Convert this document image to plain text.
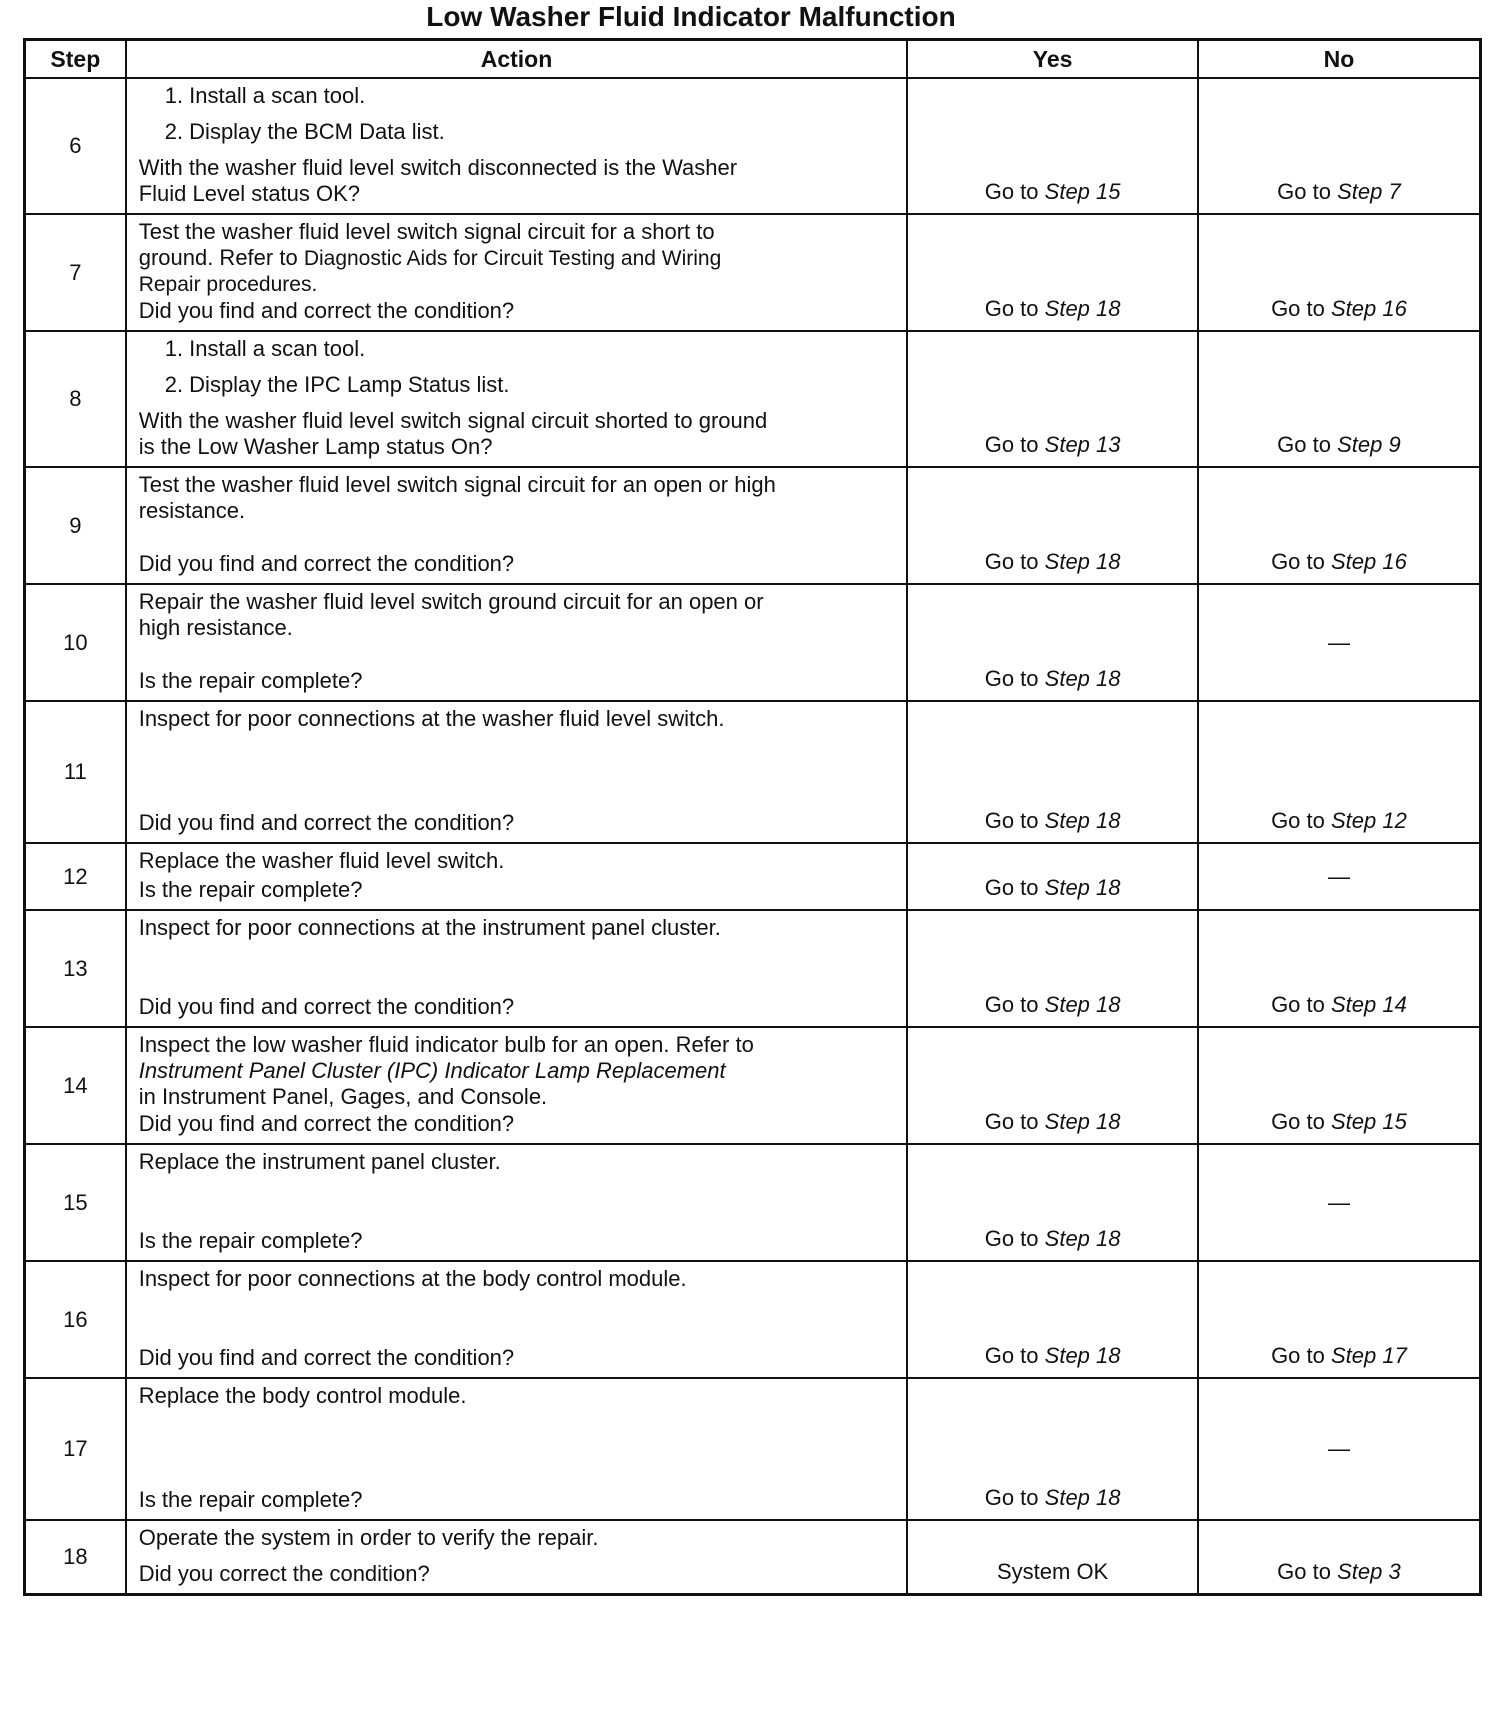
Low Washer Fluid Indicator Malfunction
Step	Action	Yes	No
6	1. Install a scan tool.
2. Display the BCM Data list.
With the washer fluid level switch disconnected is the Washer
Fluid Level status OK?	Go to Step 15	Go to Step 7
7	Test the washer fluid level switch signal circuit for a short to
ground. Refer to Diagnostic Aids for Circuit Testing and Wiring
Repair procedures.
Did you find and correct the condition?	Go to Step 18	Go to Step 16
8	1. Install a scan tool.
2. Display the IPC Lamp Status list.
With the washer fluid level switch signal circuit shorted to ground
is the Low Washer Lamp status On?	Go to Step 13	Go to Step 9
9	Test the washer fluid level switch signal circuit for an open or high
resistance.
Did you find and correct the condition?	Go to Step 18	Go to Step 16
10	Repair the washer fluid level switch ground circuit for an open or
high resistance.
Is the repair complete?	Go to Step 18	—
11	Inspect for poor connections at the washer fluid level switch.
Did you find and correct the condition?	Go to Step 18	Go to Step 12
12	Replace the washer fluid level switch.
Is the repair complete?	Go to Step 18	—
13	Inspect for poor connections at the instrument panel cluster.
Did you find and correct the condition?	Go to Step 18	Go to Step 14
14	Inspect the low washer fluid indicator bulb for an open. Refer to
Instrument Panel Cluster (IPC) Indicator Lamp Replacement
in Instrument Panel, Gages, and Console.
Did you find and correct the condition?	Go to Step 18	Go to Step 15
15	Replace the instrument panel cluster.
Is the repair complete?	Go to Step 18	—
16	Inspect for poor connections at the body control module.
Did you find and correct the condition?	Go to Step 18	Go to Step 17
17	Replace the body control module.
Is the repair complete?	Go to Step 18	—
18	Operate the system in order to verify the repair.
Did you correct the condition?	System OK	Go to Step 3
